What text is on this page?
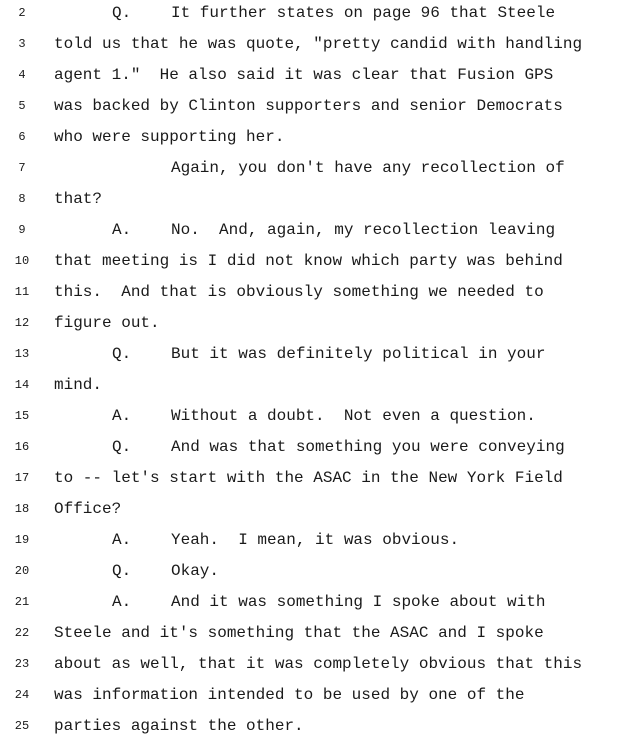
2	Q. It further states on page 96 that Steele
3	told us that he was quote, "pretty candid with handling
4	agent 1."  He also said it was clear that Fusion GPS
5	was backed by Clinton supporters and senior Democrats
6	who were supporting her.
7	Again, you don't have any recollection of
8	that?
9	A. No.  And, again, my recollection leaving
10 that meeting is I did not know which party was behind
11 this.  And that is obviously something we needed to
12 figure out.
13	Q. But it was definitely political in your
14 mind.
15	A. Without a doubt.  Not even a question.
16	Q. And was that something you were conveying
17 to -- let's start with the ASAC in the New York Field
18 Office?
19	A. Yeah.  I mean, it was obvious.
20	Q. Okay.
21	A. And it was something I spoke about with
22 Steele and it's something that the ASAC and I spoke
23 about as well, that it was completely obvious that this
24 was information intended to be used by one of the
25 parties against the other.
